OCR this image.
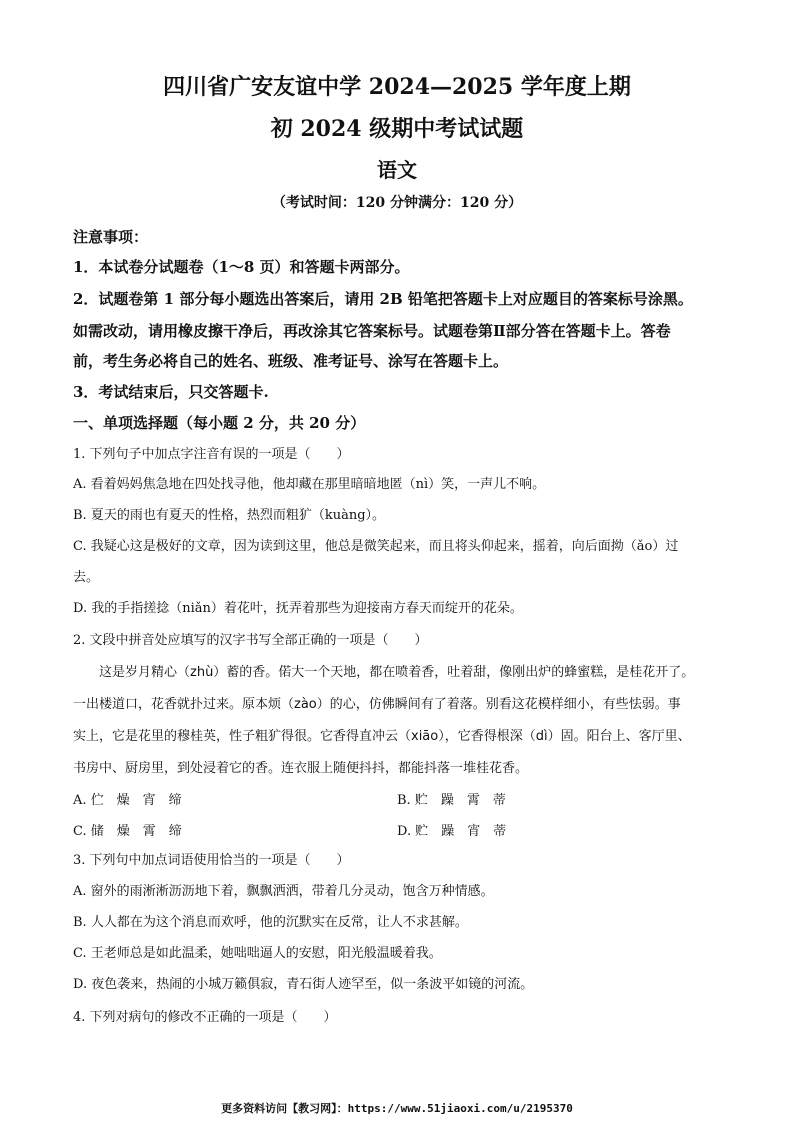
四川省广安友谊中学 2024—2025 学年度上期
初 2024 级期中考试试题
语文
（考试时间：120 分钟满分：120 分）
注意事项：
1．本试卷分试题卷（1～8 页）和答题卡两部分。
2．试题卷第 1 部分每小题选出答案后，请用 2B 铅笔把答题卡上对应题目的答案标号涂黑。
如需改动，请用橡皮擦干净后，再改涂其它答案标号。试题卷第Ⅱ部分答在答题卡上。答卷
前，考生务必将自己的姓名、班级、准考证号、涂写在答题卡上。
3．考试结束后，只交答题卡.
一、单项选择题（每小题 2 分，共 20 分）
1. 下列句子中加点字注音有误的一项是（　　）
A. 看着妈妈焦急地在四处找寻他，他却藏在那里暗暗地匿（nì）笑，一声儿不响。
B. 夏天的雨也有夏天的性格，热烈而粗犷（kuàng）。
C. 我疑心这是极好的文章，因为读到这里，他总是微笑起来，而且将头仰起来，摇着，向后面拗（ǎo）过
去。
D. 我的手指搓捻（niǎn）着花叶，抚弄着那些为迎接南方春天而绽开的花朵。
2. 文段中拼音处应填写的汉字书写全部正确的一项是（　　）
　　这是岁月精心（zhù）蓄的香。偌大一个天地，都在喷着香，吐着甜，像刚出炉的蜂蜜糕，是桂花开了。
一出楼道口，花香就扑过来。原本烦（zào）的心，仿佛瞬间有了着落。别看这花模样细小，有些怯弱。事
实上，它是花里的穆桂英，性子粗犷得很。它香得直冲云（xiāo），它香得根深（dì）固。阳台上、客厅里、
书房中、厨房里，到处浸着它的香。连衣服上随便抖抖，都能抖落一堆桂花香。
A. 伫　燥　宵　缔	B. 贮　躁　霄　蒂
C. 储　燥　霄　缔	D. 贮　躁　宵　蒂
3. 下列句中加点词语使用恰当的一项是（　　）
A. 窗外的雨淅淅沥沥地下着，飘飘洒洒，带着几分灵动，饱含万种情感。
B. 人人都在为这个消息而欢呼，他的沉默实在反常，让人不求甚解。
C. 王老师总是如此温柔，她咄咄逼人的安慰，阳光般温暖着我。
D. 夜色袭来，热闹的小城万籁俱寂，青石街人迹罕至，似一条波平如镜的河流。
4. 下列对病句的修改不正确的一项是（　　）
更多资料访问【教习网】：https://www.51jiaoxi.com/u/2195370
